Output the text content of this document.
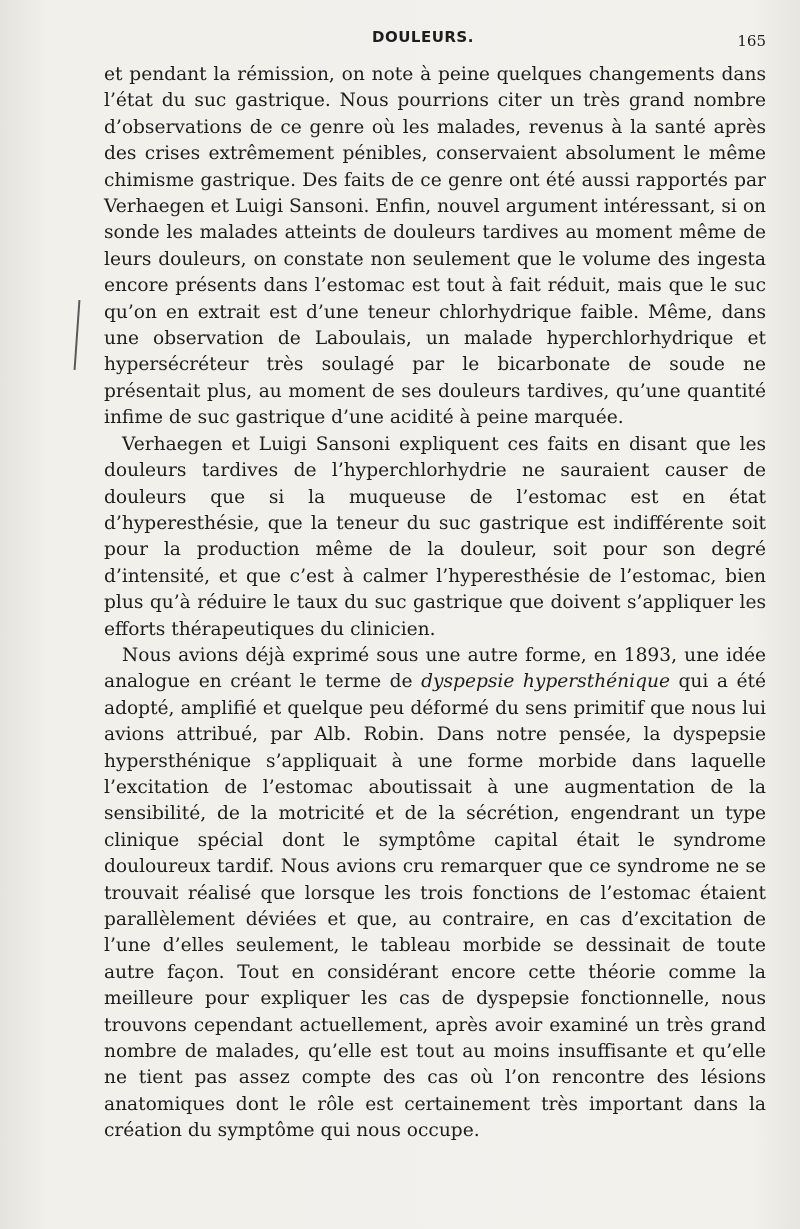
DOULEURS.	165

et pendant la rémission, on note à peine quelques changements dans l’état du suc gastrique. Nous pourrions citer un très grand nombre d’observations de ce genre où les malades, revenus à la santé après des crises extrêmement pénibles, conservaient absolument le même chimisme gastrique. Des faits de ce genre ont été aussi rapportés par Verhaegen et Luigi Sansoni. Enfin, nouvel argument intéressant, si on sonde les malades atteints de douleurs tardives au moment même de leurs douleurs, on constate non seulement que le volume des ingesta encore présents dans l’estomac est tout à fait réduit, mais que le suc qu’on en extrait est d’une teneur chlorhydrique faible. Même, dans une observation de Laboulais, un malade hyperchlorhydrique et hypersécréteur très soulagé par le bicarbonate de soude ne présentait plus, au moment de ses douleurs tardives, qu’une quantité infime de suc gastrique d’une acidité à peine marquée.

Verhaegen et Luigi Sansoni expliquent ces faits en disant que les douleurs tardives de l’hyperchlorhydrie ne sauraient causer de douleurs que si la muqueuse de l’estomac est en état d’hyperesthésie, que la teneur du suc gastrique est indifférente soit pour la production même de la douleur, soit pour son degré d’intensité, et que c’est à calmer l’hyperesthésie de l’estomac, bien plus qu’à réduire le taux du suc gastrique que doivent s’appliquer les efforts thérapeutiques du clinicien.

Nous avions déjà exprimé sous une autre forme, en 1893, une idée analogue en créant le terme de dyspepsie hypersthénique qui a été adopté, amplifié et quelque peu déformé du sens primitif que nous lui avions attribué, par Alb. Robin. Dans notre pensée, la dyspepsie hypersthénique s’appliquait à une forme morbide dans laquelle l’excitation de l’estomac aboutissait à une augmentation de la sensibilité, de la motricité et de la sécrétion, engendrant un type clinique spécial dont le symptôme capital était le syndrome douloureux tardif. Nous avions cru remarquer que ce syndrome ne se trouvait réalisé que lorsque les trois fonctions de l’estomac étaient parallèlement déviées et que, au contraire, en cas d’excitation de l’une d’elles seulement, le tableau morbide se dessinait de toute autre façon. Tout en considérant encore cette théorie comme la meilleure pour expliquer les cas de dyspepsie fonctionnelle, nous trouvons cependant actuellement, après avoir examiné un très grand nombre de malades, qu’elle est tout au moins insuffisante et qu’elle ne tient pas assez compte des cas où l’on rencontre des lésions anatomiques dont le rôle est certainement très important dans la création du symptôme qui nous occupe.
